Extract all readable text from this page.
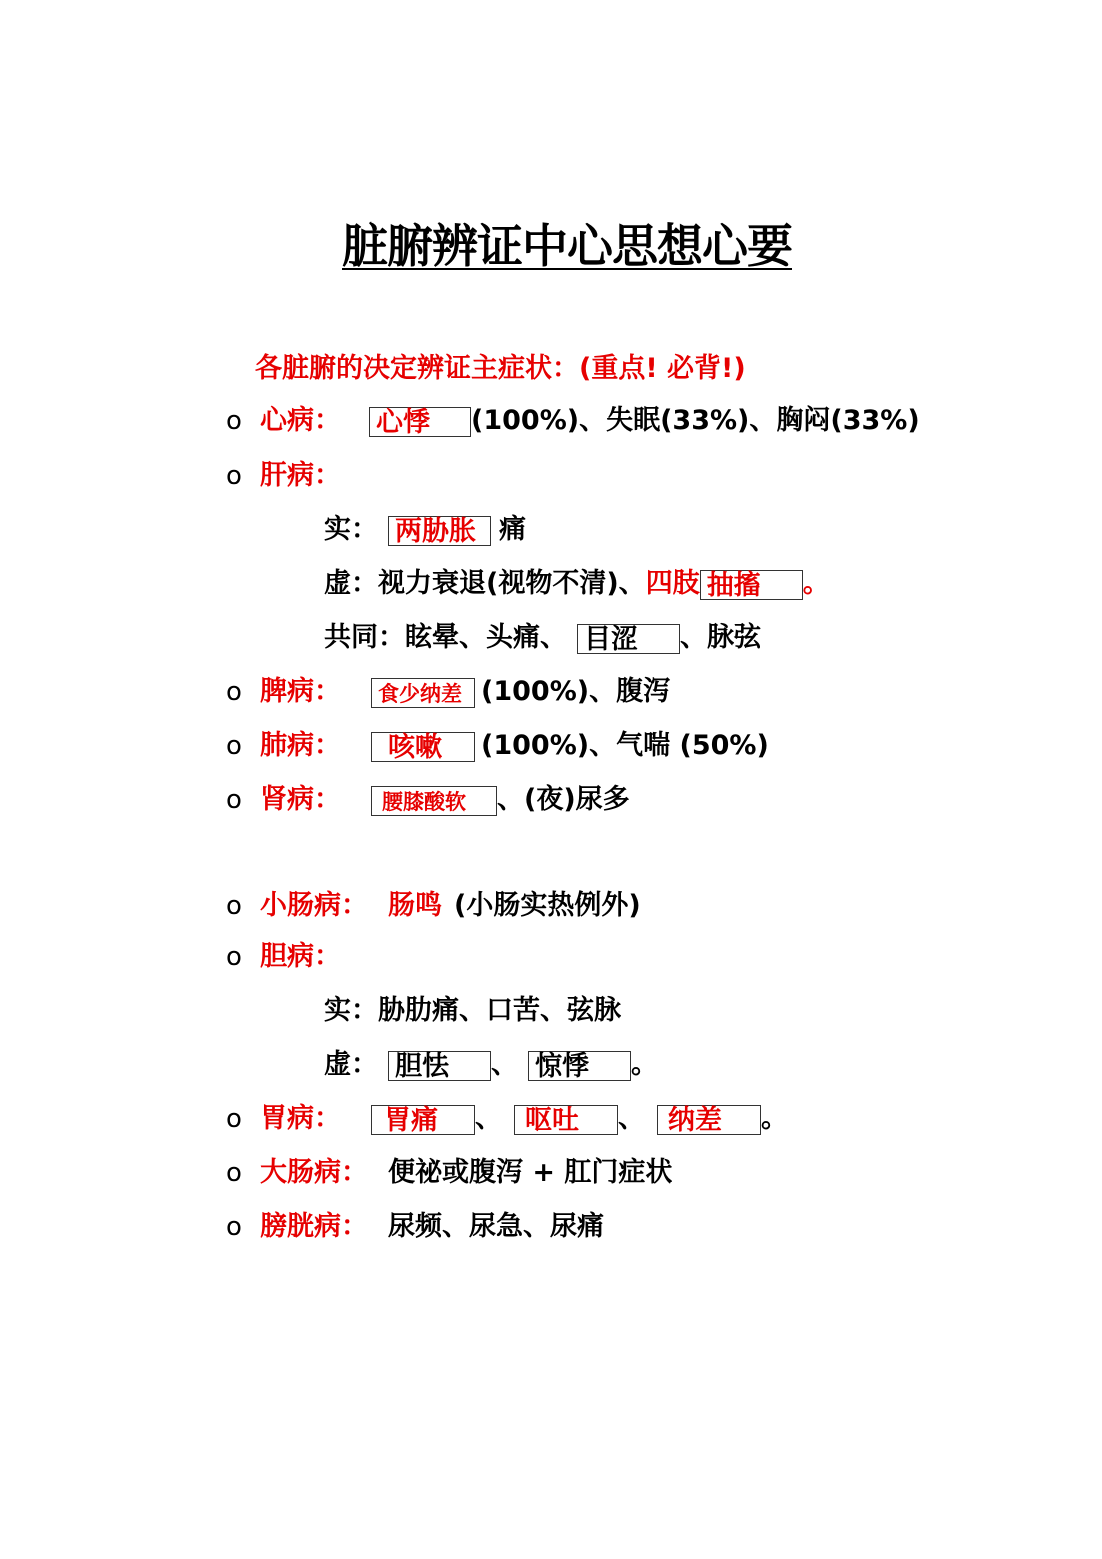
脏腑辨证中心思想心要
各脏腑的决定辨证主症状：(重点! 必背!)
o 心病： 心悸 (100%)、失眠(33%)、胸闷(33%)
o 肝病：
实： 两胁胀 痛
虚：视力衰退(视物不清)、四肢 抽搐 。
共同：眩晕、头痛、 目涩 、脉弦
o 脾病： 食少纳差 (100%)、腹泻
o 肺病： 咳嗽 (100%)、气喘 (50%)
o 肾病： 腰膝酸软 、(夜)尿多
o 小肠病： 肠鸣 (小肠实热例外)
o 胆病：
实：胁肋痛、口苦、弦脉
虚： 胆怯 、 惊悸 。
o 胃病： 胃痛 、 呕吐 、 纳差 。
o 大肠病： 便祕或腹泻 + 肛门症状
o 膀胱病： 尿频、尿急、尿痛
